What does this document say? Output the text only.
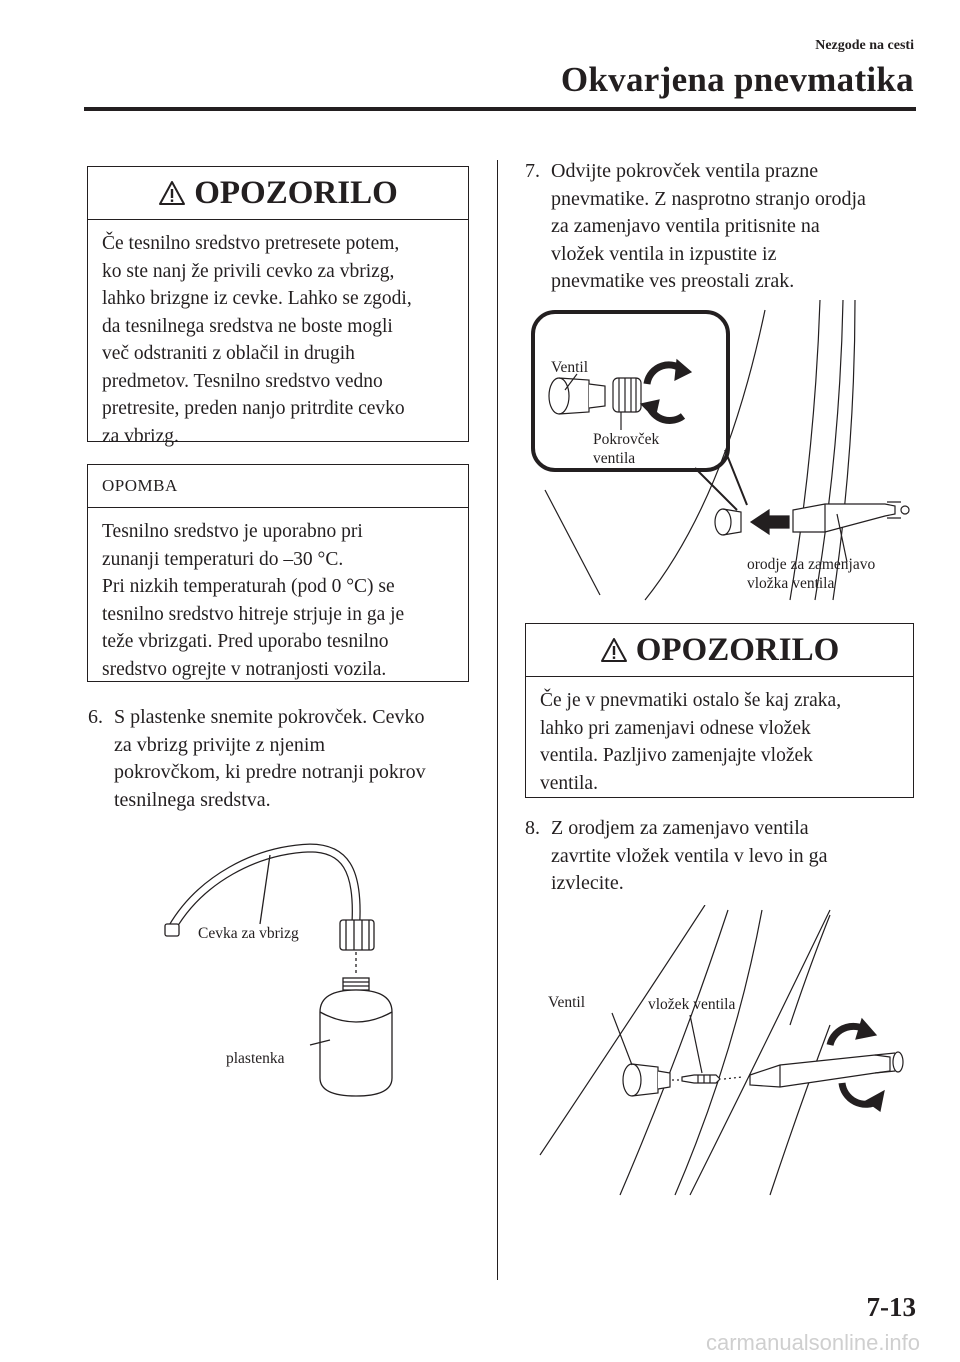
Nezgode na cesti
Okvarjena pnevmatika
OPOZORILO
Če tesnilno sredstvo pretresete potem,
ko ste nanj že privili cevko za vbrizg,
lahko brizgne iz cevke. Lahko se zgodi,
da tesnilnega sredstva ne boste mogli
več odstraniti z oblačil in drugih
predmetov. Tesnilno sredstvo vedno
pretresite, preden nanjo pritrdite cevko
za vbrizg.
OPOMBA
Tesnilno sredstvo je uporabno pri
zunanji temperaturi do –30 °C.
Pri nizkih temperaturah (pod 0 °C) se
tesnilno sredstvo hitreje strjuje in ga je
teže vbrizgati. Pred uporabo tesnilno
sredstvo ogrejte v notranjosti vozila.
6. S plastenke snemite pokrovček. Cevko
za vbrizg privijte z njenim
pokrovčkom, ki predre notranji pokrov
tesnilnega sredstva.
Cevka za vbrizg
plastenka
7. Odvijte pokrovček ventila prazne
pnevmatike. Z nasprotno stranjo orodja
za zamenjavo ventila pritisnite na
vložek ventila in izpustite iz
pnevmatike ves preostali zrak.
Ventil
Pokrovček
ventila
orodje za zamenjavo
vložka ventila
OPOZORILO
Če je v pnevmatiki ostalo še kaj zraka,
lahko pri zamenjavi odnese vložek
ventila. Pazljivo zamenjajte vložek
ventila.
8. Z orodjem za zamenjavo ventila
zavrtite vložek ventila v levo in ga
izvlecite.
Ventil	vložek ventila
7-13
carmanualsonline.info
